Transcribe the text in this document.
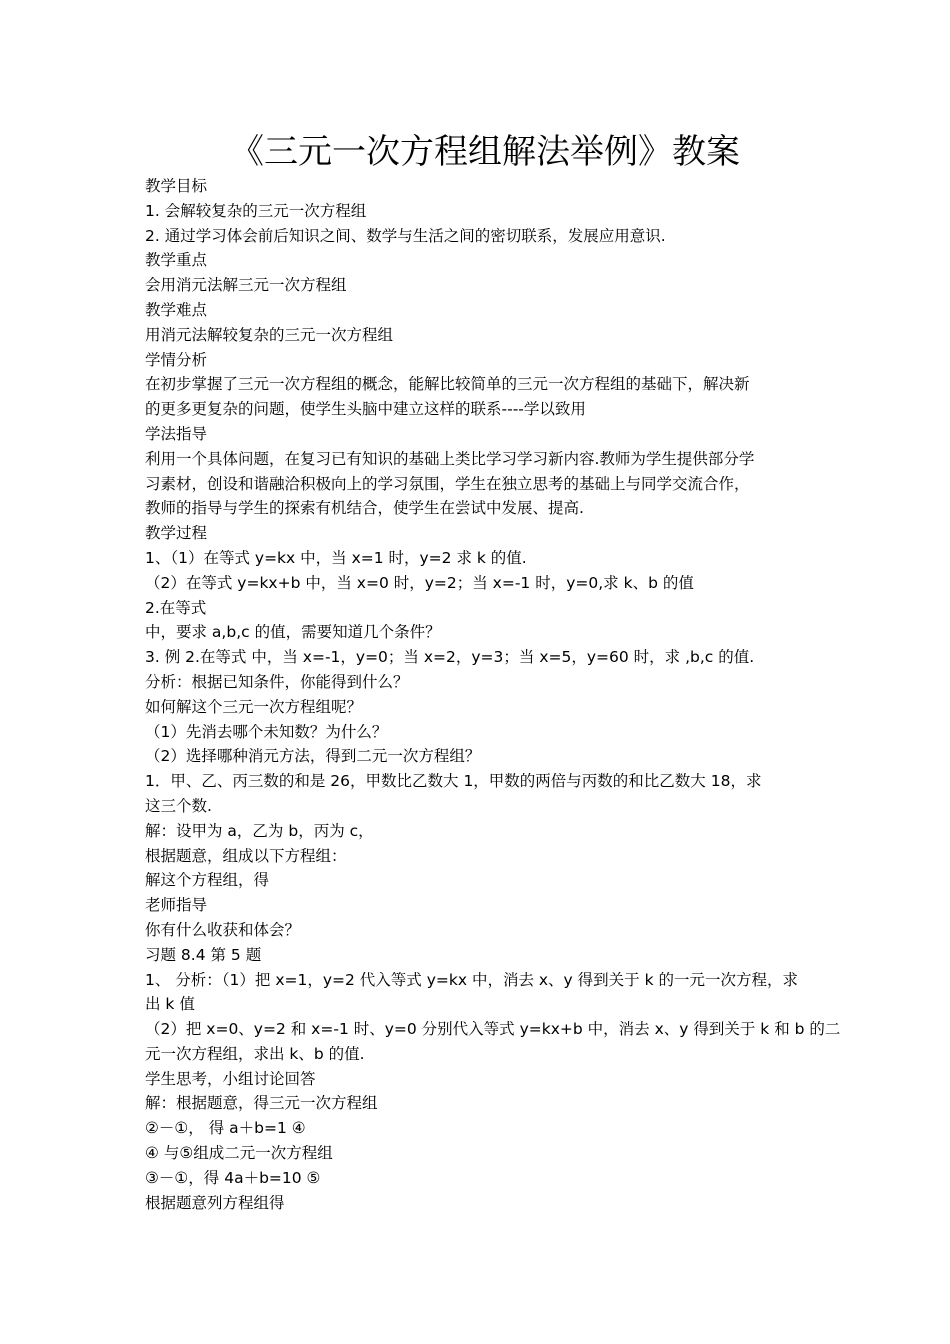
《三元一次方程组解法举例》教案
教学目标
1. 会解较复杂的三元一次方程组
2. 通过学习体会前后知识之间、数学与生活之间的密切联系，发展应用意识.
教学重点
会用消元法解三元一次方程组
教学难点
用消元法解较复杂的三元一次方程组
学情分析
在初步掌握了三元一次方程组的概念，能解比较简单的三元一次方程组的基础下，解决新
的更多更复杂的问题，使学生头脑中建立这样的联系----学以致用
学法指导
利用一个具体问题，在复习已有知识的基础上类比学习学习新内容.教师为学生提供部分学
习素材，创设和谐融洽积极向上的学习氛围，学生在独立思考的基础上与同学交流合作，
教师的指导与学生的探索有机结合，使学生在尝试中发展、提高.
教学过程
1、（1）在等式 y=kx 中，当 x=1 时，y=2 求 k 的值.
（2）在等式 y=kx+b 中，当 x=0 时，y=2；当 x=-1 时，y=0,求 k、b 的值
2.在等式
中，要求 a,b,c 的值，需要知道几个条件？
3. 例 2.在等式 中，当 x=-1，y=0；当 x=2，y=3；当 x=5，y=60 时，求 ,b,c 的值.
分析：根据已知条件，你能得到什么？
如何解这个三元一次方程组呢？
（1）先消去哪个未知数？为什么？
（2）选择哪种消元方法，得到二元一次方程组？
1．甲、乙、丙三数的和是 26，甲数比乙数大 1，甲数的两倍与丙数的和比乙数大 18，求
这三个数.
解：设甲为 a，乙为 b，丙为 c，
根据题意，组成以下方程组：
解这个方程组，得
老师指导
你有什么收获和体会？
习题 8.4 第 5 题
1、 分析：（1）把 x=1，y=2 代入等式 y=kx 中，消去 x、y 得到关于 k 的一元一次方程，求
出 k 值
（2）把 x=0、y=2 和 x=-1 时、y=0 分别代入等式 y=kx+b 中，消去 x、y 得到关于 k 和 b 的二
元一次方程组，求出 k、b 的值.
学生思考，小组讨论回答
解：根据题意，得三元一次方程组
②－①， 得 a＋b=1 ④
④ 与⑤组成二元一次方程组
③－①，得 4a＋b=10 ⑤
根据题意列方程组得
